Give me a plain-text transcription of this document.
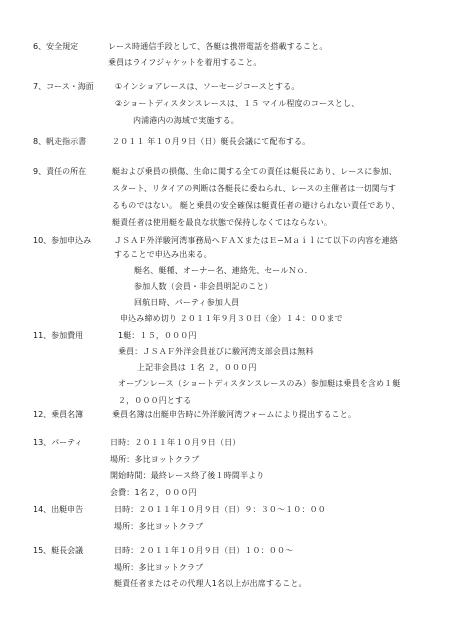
6、安全規定	レース時通信手段として、各艇は携帯電話を搭載すること。
乗員はライフジャケットを着用すること。
7、コース・海面	①インショアレースは、ソーセージコースとする。
②ショートディスタンスレースは、１５ マイル程度のコースとし、
内浦港内の海域で実施する。
8、帆走指示書	２０１１ 年１０月９日（日）艇長会議にて配布する。
9、責任の所在	艇および乗員の損傷、生命に関する全ての責任は艇長にあり、レースに参加、
スタート、リタイアの判断は各艇長に委ねられ、レースの主催者は一切関与す
るものではない。 艇と乗員の安全確保は艇責任者の避けられない責任であり、
艇責任者は使用艇を最良な状態で保持しなくてはならない。
10、参加申込み	ＪＳＡＦ外洋駿河湾事務局へＦＡＸまたはＥ−Ｍａｉｌにて以下の内容を連絡
することで申込み出来る。
艇名、艇種、オーナー名、連絡先、セールＮｏ.
参加人数（会員・非会員明記のこと）
回航日時、パーティ参加人員
申込み締め切り ２０１１年９月３０日（金）１４：００まで
11、参加費用	1艇：１５，０００円
乗員：ＪＳＡＦ外洋会員並びに駿河湾支部会員は無料
上記非会員は １名 ２，０００円
オープンレース（ショートディスタンスレースのみ）参加艇は乗員を含め１艇
２，０００円とする
12、乗員名簿	乗員名簿は出艇申告時に外洋駿河湾フォームにより提出すること。
13、パーティ	日時：２０１１年１０月９日（日）
場所：多比ヨットクラブ
開始時間：最終レース終了後１時間半より
会費：1名２，０００円
14、出艇申告	日時：２０１１年１０月９日（日）９：３０〜１０：００
場所：多比ヨットクラブ
15、艇長会議	日時：２０１１年１０月９日（日）１０：００〜
場所：多比ヨットクラブ
艇責任者またはその代理人1名以上が出席すること。
